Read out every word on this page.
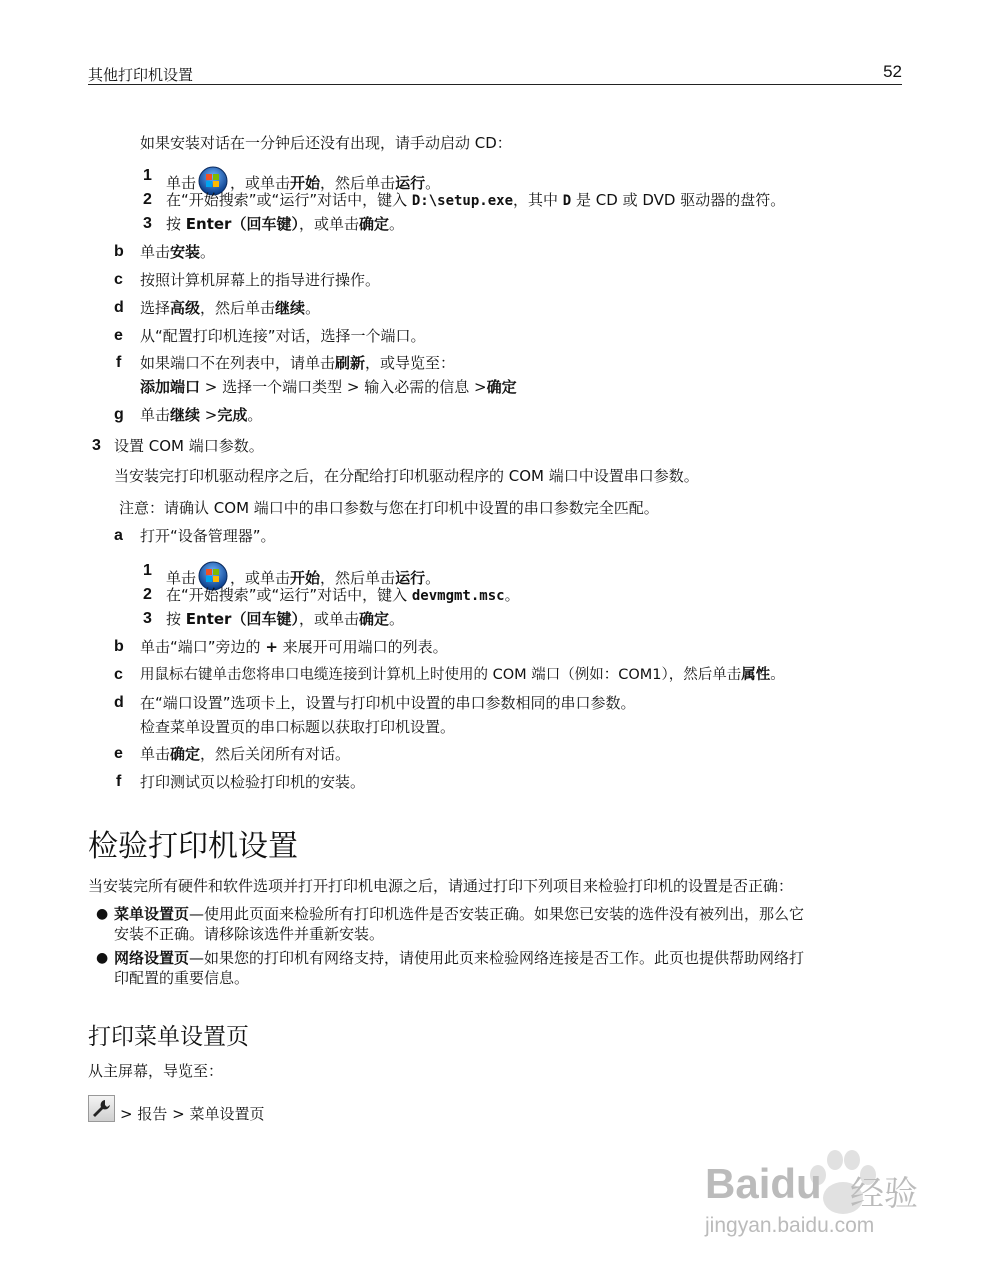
其他打印机设置	52
如果安装对话在一分钟后还没有出现，请手动启动 CD：
1 单击 ，或单击开始，然后单击运行。
2 在“开始搜索”或“运行”对话中，键入 D:\setup.exe，其中 D 是 CD 或 DVD 驱动器的盘符。
3 按 Enter（回车键），或单击确定。
b 单击安装。
c 按照计算机屏幕上的指导进行操作。
d 选择高级，然后单击继续。
e 从“配置打印机连接”对话，选择一个端口。
f 如果端口不在列表中，请单击刷新，或导览至：
添加端口 > 选择一个端口类型 > 输入必需的信息 >确定
g 单击继续 >完成。
3 设置 COM 端口参数。
当安装完打印机驱动程序之后，在分配给打印机驱动程序的 COM 端口中设置串口参数。
注意：请确认 COM 端口中的串口参数与您在打印机中设置的串口参数完全匹配。
a 打开“设备管理器”。
1 单击 ，或单击开始，然后单击运行。
2 在“开始搜索”或“运行”对话中，键入 devmgmt.msc。
3 按 Enter（回车键），或单击确定。
b 单击“端口”旁边的 + 来展开可用端口的列表。
c 用鼠标右键单击您将串口电缆连接到计算机上时使用的 COM 端口（例如：COM1），然后单击属性。
d 在“端口设置”选项卡上，设置与打印机中设置的串口参数相同的串口参数。
检查菜单设置页的串口标题以获取打印机设置。
e 单击确定，然后关闭所有对话。
f 打印测试页以检验打印机的安装。
检验打印机设置
当安装完所有硬件和软件选项并打开打印机电源之后，请通过打印下列项目来检验打印机的设置是否正确：
● 菜单设置页—使用此页面来检验所有打印机选件是否安装正确。如果您已安装的选件没有被列出，那么它
安装不正确。请移除该选件并重新安装。
● 网络设置页—如果您的打印机有网络支持，请使用此页来检验网络连接是否工作。此页也提供帮助网络打
印配置的重要信息。
打印菜单设置页
从主屏幕，导览至：
> 报告 > 菜单设置页
Baidu 经验
jingyan.baidu.com
